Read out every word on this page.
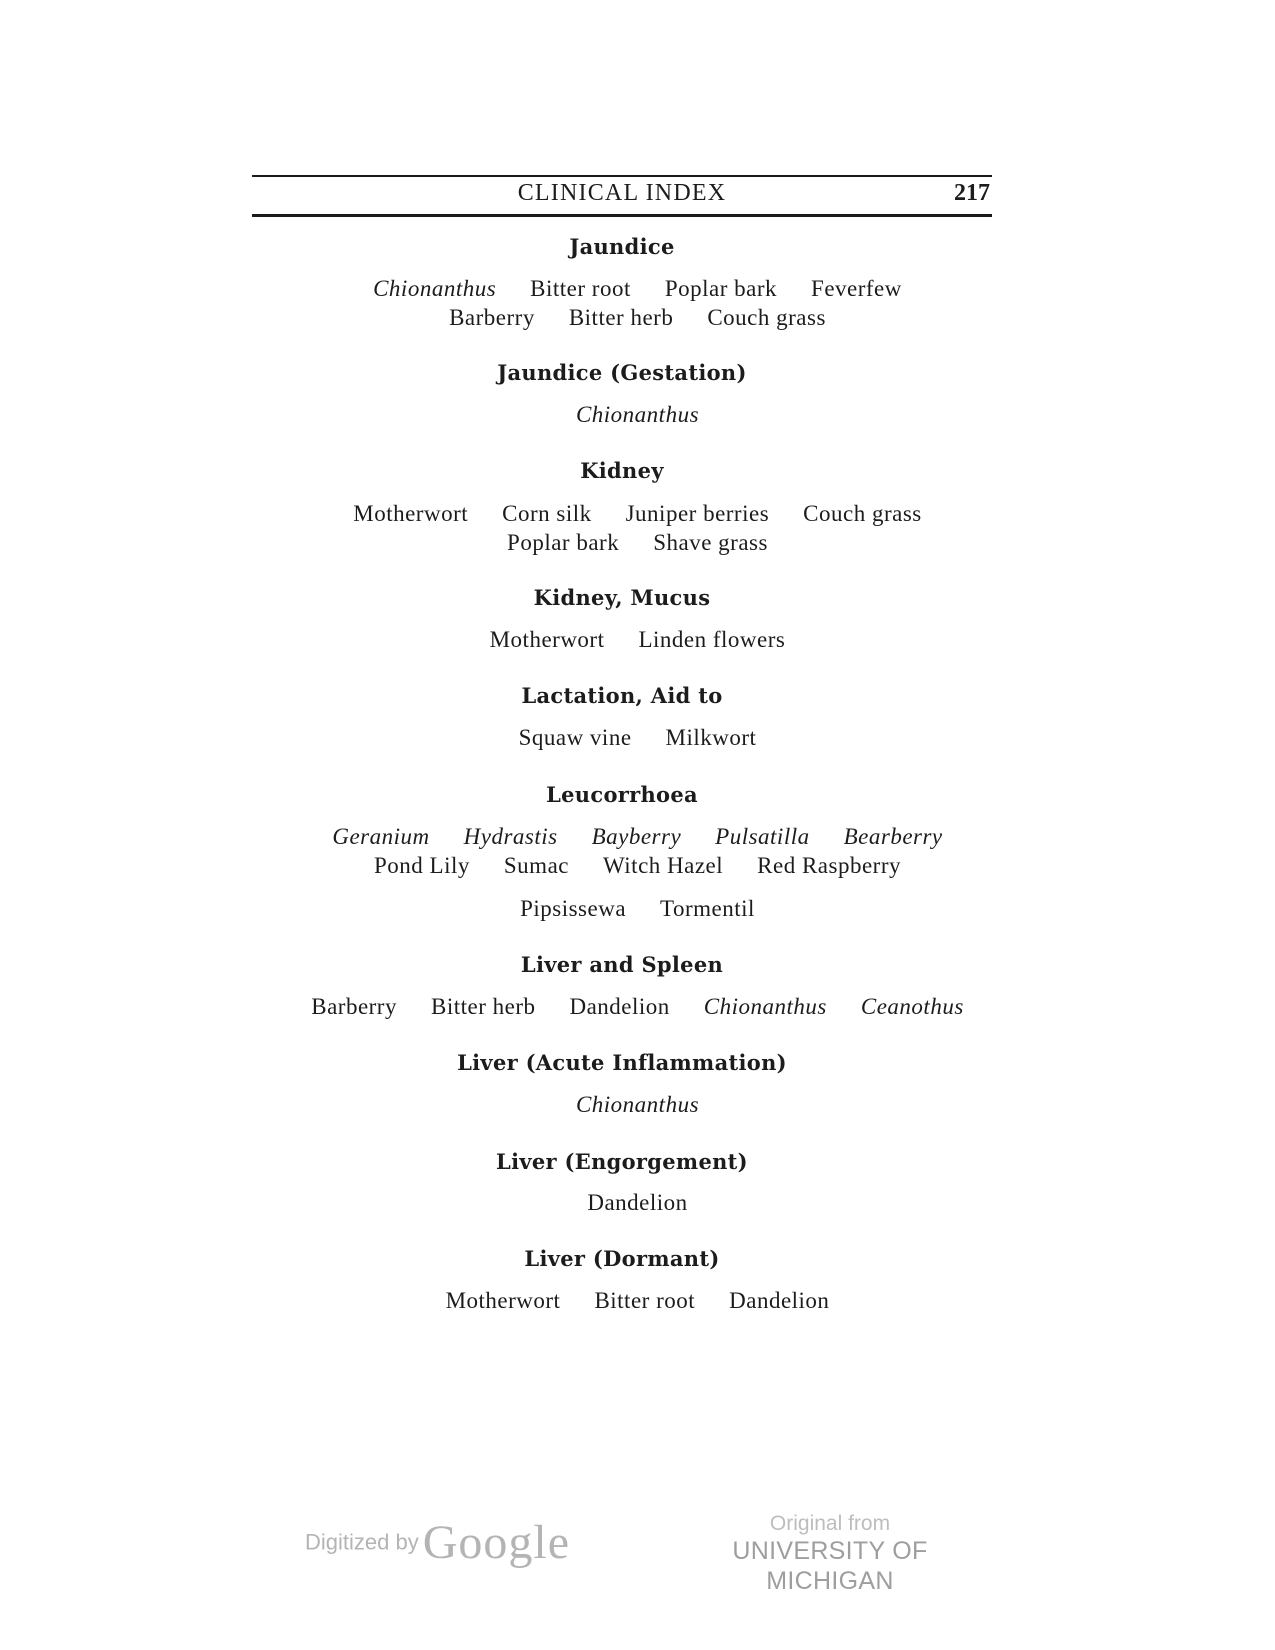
CLINICAL INDEX	217
Jaundice
Chionanthus Bitter root Poplar bark Feverfew
Barberry Bitter herb Couch grass
Jaundice (Gestation)
Chionanthus
Kidney
Motherwort Corn silk Juniper berries Couch grass
Poplar bark Shave grass
Kidney, Mucus
Motherwort Linden flowers
Lactation, Aid to
Squaw vine Milkwort
Leucorrhoea
Geranium Hydrastis Bayberry Pulsatilla Bearberry
Pond Lily Sumac Witch Hazel Red Raspberry
Pipsissewa Tormentil
Liver and Spleen
Barberry Bitter herb Dandelion Chionanthus Ceanothus
Liver (Acute Inflammation)
Chionanthus
Liver (Engorgement)
Dandelion
Liver (Dormant)
Motherwort Bitter root Dandelion
Digitized by Google	Original from
UNIVERSITY OF MICHIGAN
